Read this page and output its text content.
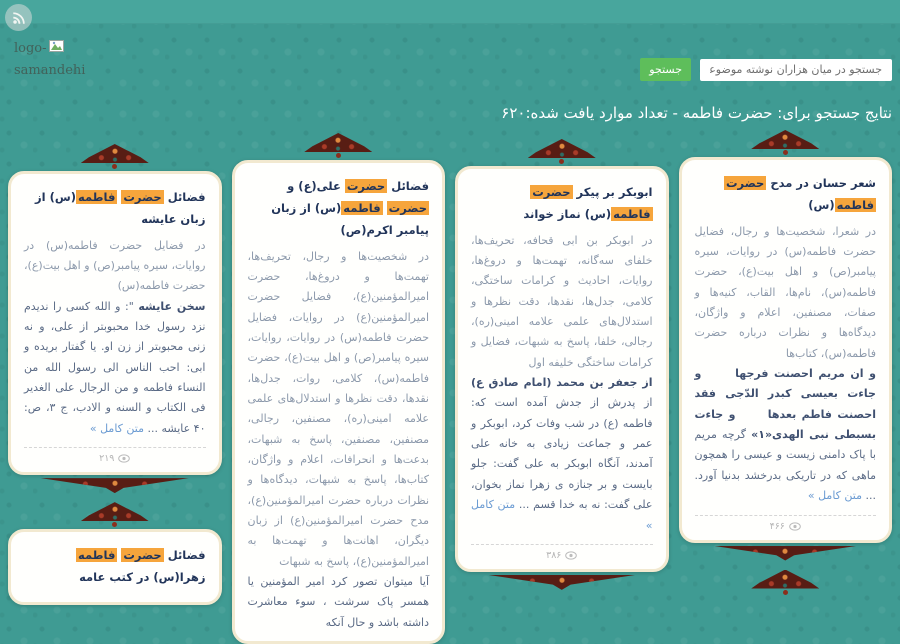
logo-
samandehi
جستجو در میان هزاران نوشته موضوعی	جستجو
نتایج جستجو برای: حضرت فاطمه - تعداد موارد یافت شده:۶۲۰
شعر حسان در مدح حضرت فاطمه(س)
در شعرا، شخصیت‌ها و رجال، فضایل حضرت فاطمه(س) در روایات، سیره پیامبر(ص) و اهل بیت(ع)، حضرت فاطمه(س)، نام‌ها، القاب، کنیه‌ها و صفات، مصنفین، اعلام و واژگان، دیدگاه‌ها و نظرات درباره حضرت فاطمه(س)، کتاب‌ها
و ان مریم احصنت فرجها      و جاءت بعیسی کبدر الدّجی فقد احصنت فاطم بعدها      و جاءت بسبطی نبی الهدی«۱» گرچه مریم با پاک دامنی زیست و عیسی را همچون ماهی که در تاریکی بدرخشد بدنیا آورد. ... متن کامل »
۴۶۶
ابوبکر بر پیکر حضرت فاطمه(س) نماز خواند
در ابوبکر بن ابی قحافه، تحریف‌ها، خلفای سه‌گانه، تهمت‌ها و دروغ‌ها، روایات، احادیث و کرامات ساختگی، کلامی، جدل‌ها، نقدها، دقت نظرها و استدلال‌های علمی علامه امینی(ره)، رجالی، خلفا، پاسخ به شبهات، فضایل و کرامات ساختگی خلیفه اول
از جعفر بن محمد (امام صادق ع) از پدرش از جدش آمده است که: فاطمه (ع) در شب وفات کرد، ابوبکر و عمر و جماعت زیادی به خانه علی آمدند، آنگاه ابوبکر به علی گفت: جلو بایست و بر جنازه ی زهرا نماز بخوان، علی گفت: نه به خدا قسم ... متن کامل »
۳۸۶
فضائل حضرت علی(ع) و حضرت فاطمه(س) از زبان پیامبر اکرم(ص)
در شخصیت‌ها و رجال، تحریف‌ها، تهمت‌ها و دروغ‌ها، حضرت امیرالمؤمنین(ع)، فضایل حضرت امیرالمؤمنین(ع) در روایات، فضایل حضرت فاطمه(س) در روایات، روایات، سیره پیامبر(ص) و اهل بیت(ع)، حضرت فاطمه(س)، کلامی، روات، جدل‌ها، نقدها، دقت نظرها و استدلال‌های علمی علامه امینی(ره)، مصنفین، رجالی، مصنفین، مصنفین، پاسخ به شبهات، بدعت‌ها و انحرافات، اعلام و واژگان، کتاب‌ها، پاسخ به شبهات، دیدگاه‌ها و نظرات درباره حضرت امیرالمؤمنین(ع)، مدح حضرت امیرالمؤمنین(ع) از زبان دیگران، اهانت‌ها و تهمت‌ها به امیرالمؤمنین(ع)، پاسخ به شبهات
آیا میتوان تصور کرد امیر المؤمنین یا همسر پاک سرشت ، سوء معاشرت داشته باشد و حال آنکه
فضائل حضرت فاطمه(س) از زبان عایشه
در فضایل حضرت فاطمه(س) در روایات، سیره پیامبر(ص) و اهل بیت(ع)، حضرت فاطمه(س)
سخن عایشه ": و الله کسی را ندیدم نزد رسول خدا محبوبتر از علی، و نه زنی محبوبتر از زن او. یا گفتار بریده و ابی: احب الناس الی رسول الله من النساء فاطمه و من الرجال علی الغدیر فی الکتاب و السنه و الادب، ج ۳، ص: ۴۰ عایشه ... متن کامل »
۲۱۹
فضائل حضرت فاطمه زهرا(س) در کتب عامه
